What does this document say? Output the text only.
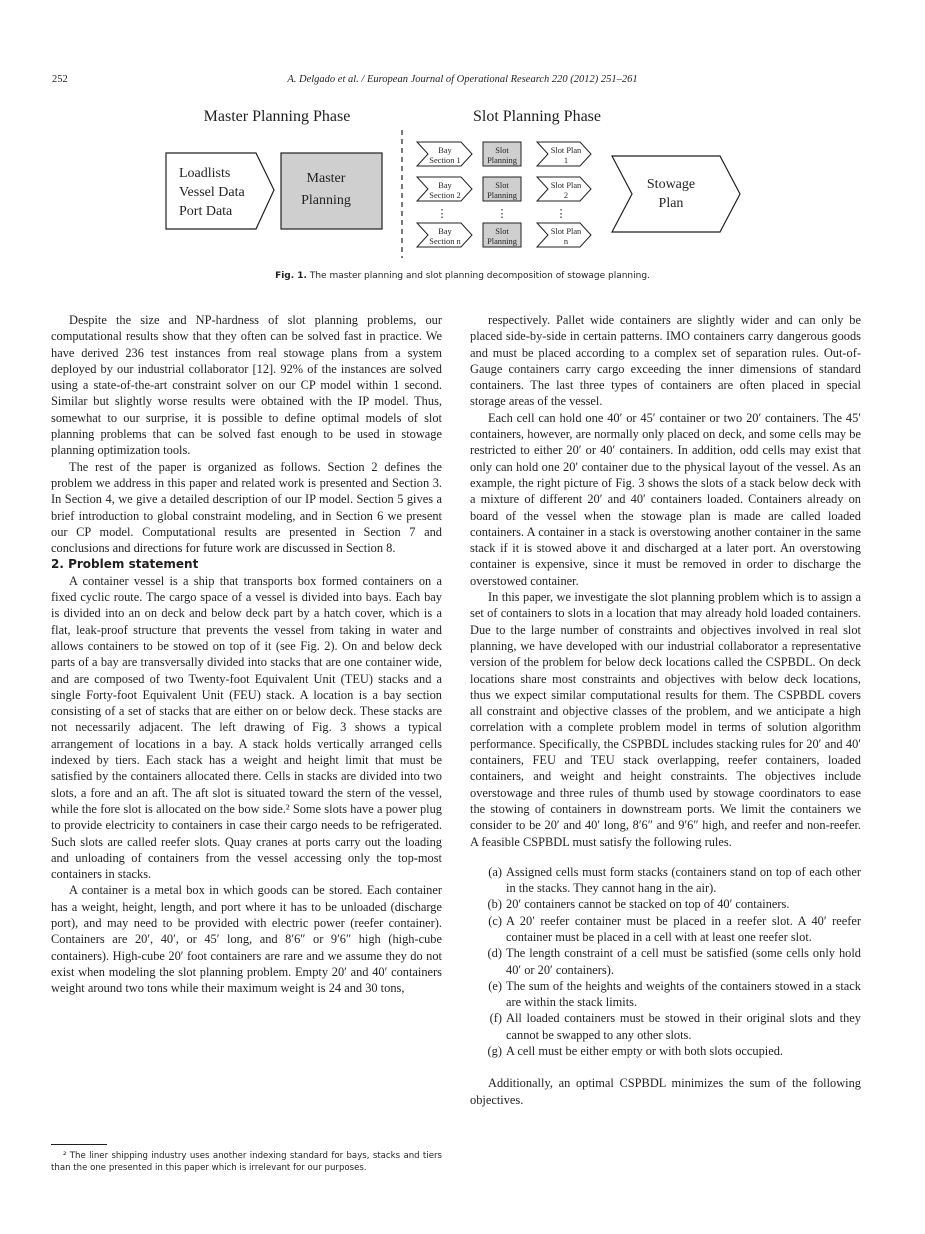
252	A. Delgado et al. / European Journal of Operational Research 220 (2012) 251–261
Master Planning Phase	Slot Planning Phase
Loadlists
Vessel Data
Port Data
Master
Planning
Bay
Section 1
Slot
Planning
Slot Plan
1
Bay
Section 2
Slot
Planning
Slot Plan
2
Bay
Section n
Slot
Planning
Slot Plan
n
⋮	⋮	⋮
Stowage
Plan
Fig. 1. The master planning and slot planning decomposition of stowage planning.

Despite the size and NP-hardness of slot planning problems, our computational results show that they often can be solved fast in practice. We have derived 236 test instances from real stowage plans from a system deployed by our industrial collaborator [12]. 92% of the instances are solved using a state-of-the-art constraint solver on our CP model within 1 second. Similar but slightly worse results were obtained with the IP model. Thus, somewhat to our surprise, it is possible to define optimal models of slot planning problems that can be solved fast enough to be used in stowage planning optimization tools.

The rest of the paper is organized as follows. Section 2 defines the problem we address in this paper and related work is presented and Section 3. In Section 4, we give a detailed description of our IP model. Section 5 gives a brief introduction to global constraint modeling, and in Section 6 we present our CP model. Computational results are presented in Section 7 and conclusions and directions for future work are discussed in Section 8.

2. Problem statement

A container vessel is a ship that transports box formed containers on a fixed cyclic route. The cargo space of a vessel is divided into bays. Each bay is divided into an on deck and below deck part by a hatch cover, which is a flat, leak-proof structure that prevents the vessel from taking in water and allows containers to be stowed on top of it (see Fig. 2). On and below deck parts of a bay are transversally divided into stacks that are one container wide, and are composed of two Twenty-foot Equivalent Unit (TEU) stacks and a single Forty-foot Equivalent Unit (FEU) stack. A location is a bay section consisting of a set of stacks that are either on or below deck. These stacks are not necessarily adjacent. The left drawing of Fig. 3 shows a typical arrangement of locations in a bay. A stack holds vertically arranged cells indexed by tiers. Each stack has a weight and height limit that must be satisfied by the containers allocated there. Cells in stacks are divided into two slots, a fore and an aft. The aft slot is situated toward the stern of the vessel, while the fore slot is allocated on the bow side.² Some slots have a power plug to provide electricity to containers in case their cargo needs to be refrigerated. Such slots are called reefer slots. Quay cranes at ports carry out the loading and unloading of containers from the vessel accessing only the top-most containers in stacks.

A container is a metal box in which goods can be stored. Each container has a weight, height, length, and port where it has to be unloaded (discharge port), and may need to be provided with electric power (reefer container). Containers are 20′, 40′, or 45′ long, and 8′6″ or 9′6″ high (high-cube containers). High-cube 20′ foot containers are rare and we assume they do not exist when modeling the slot planning problem. Empty 20′ and 40′ containers weight around two tons while their maximum weight is 24 and 30 tons,

respectively. Pallet wide containers are slightly wider and can only be placed side-by-side in certain patterns. IMO containers carry dangerous goods and must be placed according to a complex set of separation rules. Out-of-Gauge containers carry cargo exceeding the inner dimensions of standard containers. The last three types of containers are often placed in special storage areas of the vessel.

Each cell can hold one 40′ or 45′ container or two 20′ containers. The 45′ containers, however, are normally only placed on deck, and some cells may be restricted to either 20′ or 40′ containers. In addition, odd cells may exist that only can hold one 20′ container due to the physical layout of the vessel. As an example, the right picture of Fig. 3 shows the slots of a stack below deck with a mixture of different 20′ and 40′ containers loaded. Containers already on board of the vessel when the stowage plan is made are called loaded containers. A container in a stack is overstowing another container in the same stack if it is stowed above it and discharged at a later port. An overstowing container is expensive, since it must be removed in order to discharge the overstowed container.

In this paper, we investigate the slot planning problem which is to assign a set of containers to slots in a location that may already hold loaded containers. Due to the large number of constraints and objectives involved in real slot planning, we have developed with our industrial collaborator a representative version of the problem for below deck locations called the CSPBDL. On deck locations share most constraints and objectives with below deck locations, thus we expect similar computational results for them. The CSPBDL covers all constraint and objective classes of the problem, and we anticipate a high correlation with a complete problem model in terms of solution algorithm performance. Specifically, the CSPBDL includes stacking rules for 20′ and 40′ containers, FEU and TEU stack overlapping, reefer containers, loaded containers, and weight and height constraints. The objectives include overstowage and three rules of thumb used by stowage coordinators to ease the stowing of containers in downstream ports. We limit the containers we consider to be 20′ and 40′ long, 8′6″ and 9′6″ high, and reefer and non-reefer. A feasible CSPBDL must satisfy the following rules.

(a) Assigned cells must form stacks (containers stand on top of each other in the stacks. They cannot hang in the air).
(b) 20′ containers cannot be stacked on top of 40′ containers.
(c) A 20′ reefer container must be placed in a reefer slot. A 40′ reefer container must be placed in a cell with at least one reefer slot.
(d) The length constraint of a cell must be satisfied (some cells only hold 40′ or 20′ containers).
(e) The sum of the heights and weights of the containers stowed in a stack are within the stack limits.
(f) All loaded containers must be stowed in their original slots and they cannot be swapped to any other slots.
(g) A cell must be either empty or with both slots occupied.

Additionally, an optimal CSPBDL minimizes the sum of the following objectives.

² The liner shipping industry uses another indexing standard for bays, stacks and tiers than the one presented in this paper which is irrelevant for our purposes.
